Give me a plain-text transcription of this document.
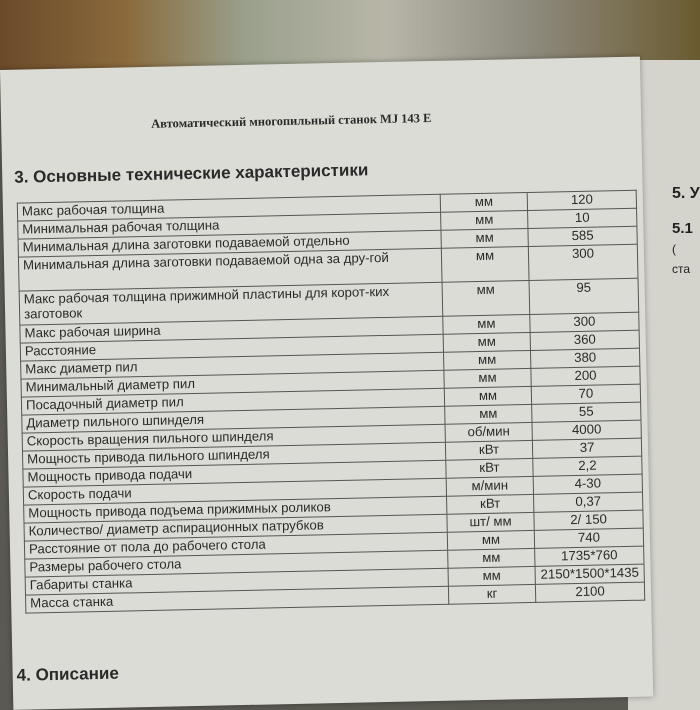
5. У
5.1
(
ста
Автоматический многопильный станок MJ 143 E
3. Основные технические характеристики
Макс рабочая толщина	мм	120
Минимальная рабочая толщина	мм	10
Минимальная длина заготовки подаваемой отдельно	мм	585
Минимальная длина заготовки подаваемой одна за дру-гой	мм	300
Макс рабочая толщина прижимной пластины для корот-ких заготовок	мм	95
Макс рабочая ширина	мм	300
Расстояние	мм	360
Макс диаметр пил	мм	380
Минимальный диаметр пил	мм	200
Посадочный диаметр пил	мм	70
Диаметр пильного шпинделя	мм	55
Скорость вращения пильного шпинделя	об/мин	4000
Мощность привода пильного шпинделя	кВт	37
Мощность привода подачи	кВт	2,2
Скорость подачи	м/мин	4-30
Мощность привода подъема прижимных роликов	кВт	0,37
Количество/ диаметр аспирационных патрубков	шт/ мм	2/ 150
Расстояние от пола до рабочего стола	мм	740
Размеры рабочего стола	мм	1735*760
Габариты станка	мм	2150*1500*1435
Масса станка	кг	2100
4. Описание
